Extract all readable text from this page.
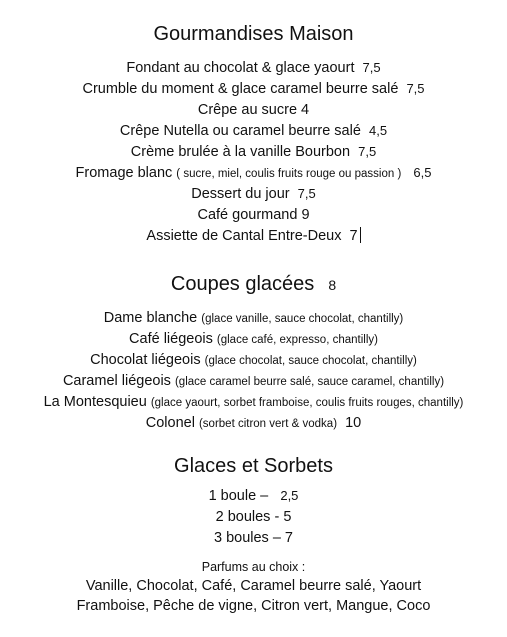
Gourmandises Maison
Fondant au chocolat & glace yaourt 7,5
Crumble du moment & glace caramel beurre salé 7,5
Crêpe au sucre 4
Crêpe Nutella ou caramel beurre salé 4,5
Crème brulée à la vanille Bourbon 7,5
Fromage blanc ( sucre, miel, coulis fruits rouge ou passion ) 6,5
Dessert du jour 7,5
Café gourmand 9
Assiette de Cantal Entre-Deux 7
Coupes glacées 8
Dame blanche (glace vanille, sauce chocolat, chantilly)
Café liégeois (glace café, expresso, chantilly)
Chocolat liégeois (glace chocolat, sauce chocolat, chantilly)
Caramel liégeois (glace caramel beurre salé, sauce caramel, chantilly)
La Montesquieu (glace yaourt, sorbet framboise, coulis fruits rouges, chantilly)
Colonel (sorbet citron vert & vodka) 10
Glaces et Sorbets
1 boule – 2,5
2 boules - 5
3 boules – 7
Parfums au choix :
Vanille, Chocolat, Café, Caramel beurre salé, Yaourt
Framboise, Pêche de vigne, Citron vert, Mangue, Coco
